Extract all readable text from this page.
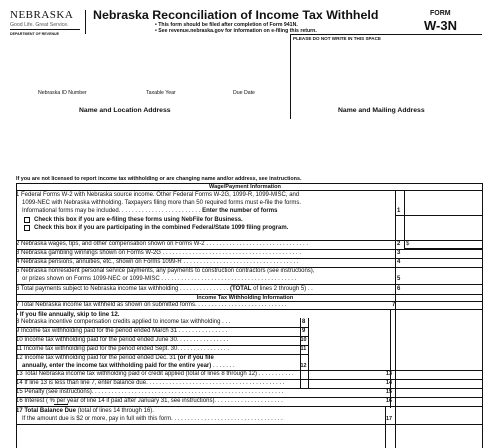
NEBRASKA
Good Life. Great Service.
DEPARTMENT OF REVENUE
Nebraska Reconciliation of Income Tax Withheld
• This form should be filed after completion of Form 941N.
• See revenue.nebraska.gov for information on e-filing this return.
FORM
W-3N
PLEASE DO NOT WRITE IN THIS SPACE
Nebraska ID Number	Taxable Year	Due Date
Name and Location Address	Name and Mailing Address
If you are not licensed to report income tax withholding or are changing name and/or address, see instructions.
Wage/Payment Information
1 Federal Forms W-2 with Nebraska source income. Other Federal Forms W-2G, 1099-R, 1099-MISC, and
1099-NEC with Nebraska withholding. Taxpayers filing more than 50 required forms must e-file the forms.
Informational forms may be included. . . . . . . . . . . . . . . . . . . . . . . . . Enter the number of forms	1
Check this box if you are e-filing these forms using NebFile for Business.
Check this box if you are participating in the combined Federal/State 1099 filing program.
2 Nebraska wages, tips, and other compensation shown on Forms W-2 . . . . . . . . . . . . . . . . . . . . . . . . . . . . . . .	2 $
3 Nebraska gambling winnings shown on Forms W-2G . . . . . . . . . . . . . . . . . . . . . . . . . . . . . . . . . . . . . . . . . .	3
4 Nebraska pensions, annuities, etc., shown on Forms 1099-R . . . . . . . . . . . . . . . . . . . . . . . . . . . . . . . . . . .	4
5 Nebraska nonresident personal service payments, any payments to construction contractors (see instructions),
or prizes shown on Forms 1099-NEC or 1099-MISC . . . . . . . . . . . . . . . . . . . . . . . . . . . . . . . . . . . . . . . . .	5
6 Total payments subject to Nebraska income tax withholding . . . . . . . . . . . . . . . (TOTAL of lines 2 through 5) . .	6
Income Tax Withholding Information
7 Total Nebraska income tax withheld as shown on submitted forms. . . . . . . . . . . . . . . . . . . . . . . . . . . .	7
• If you file annually, skip to line 12.
8 Nebraska incentive compensation credits applied to income tax withholding . . .	8
9 Income tax withholding paid for the period ended March 31 . . . . . . . . . . . . . . .	9
10 Income tax withholding paid for the period ended June 30. . . . . . . . . . . . . . . .	10
11 Income tax withholding paid for the period ended Sept. 30. . . . . . . . . . . . . . . .	11
12 Income tax withholding paid for the period ended Dec. 31 (or if you file
annually, enter the income tax withholding paid for the entire year) . . . . . . .	12
13 Total Nebraska income tax withholding paid or credit applied (total of lines 8 through 12) . . . . . . . . . . .	13
14 If line 13 is less than line 7, enter balance due. . . . . . . . . . . . . . . . . . . . . . . . . . . . . . . . . . . . . . . . . .	14
15 Penalty (see instructions). . . . . . . . . . . . . . . . . . . . . . . . . . . . . . . . . . . . . . . . . . . . . . . . . . . . . . . . . .	15
16 Interest ( % per year of line 14 if paid after January 31, see instructions). . . . . . . . . . . . . . . . . . . . .	16
17 Total Balance Due (total of lines 14 through 16).
If the amount due is $2 or more, pay in full with this form. . . . . . . . . . . . . . . . . . . . . . . . . . . . . . . . . .	17
